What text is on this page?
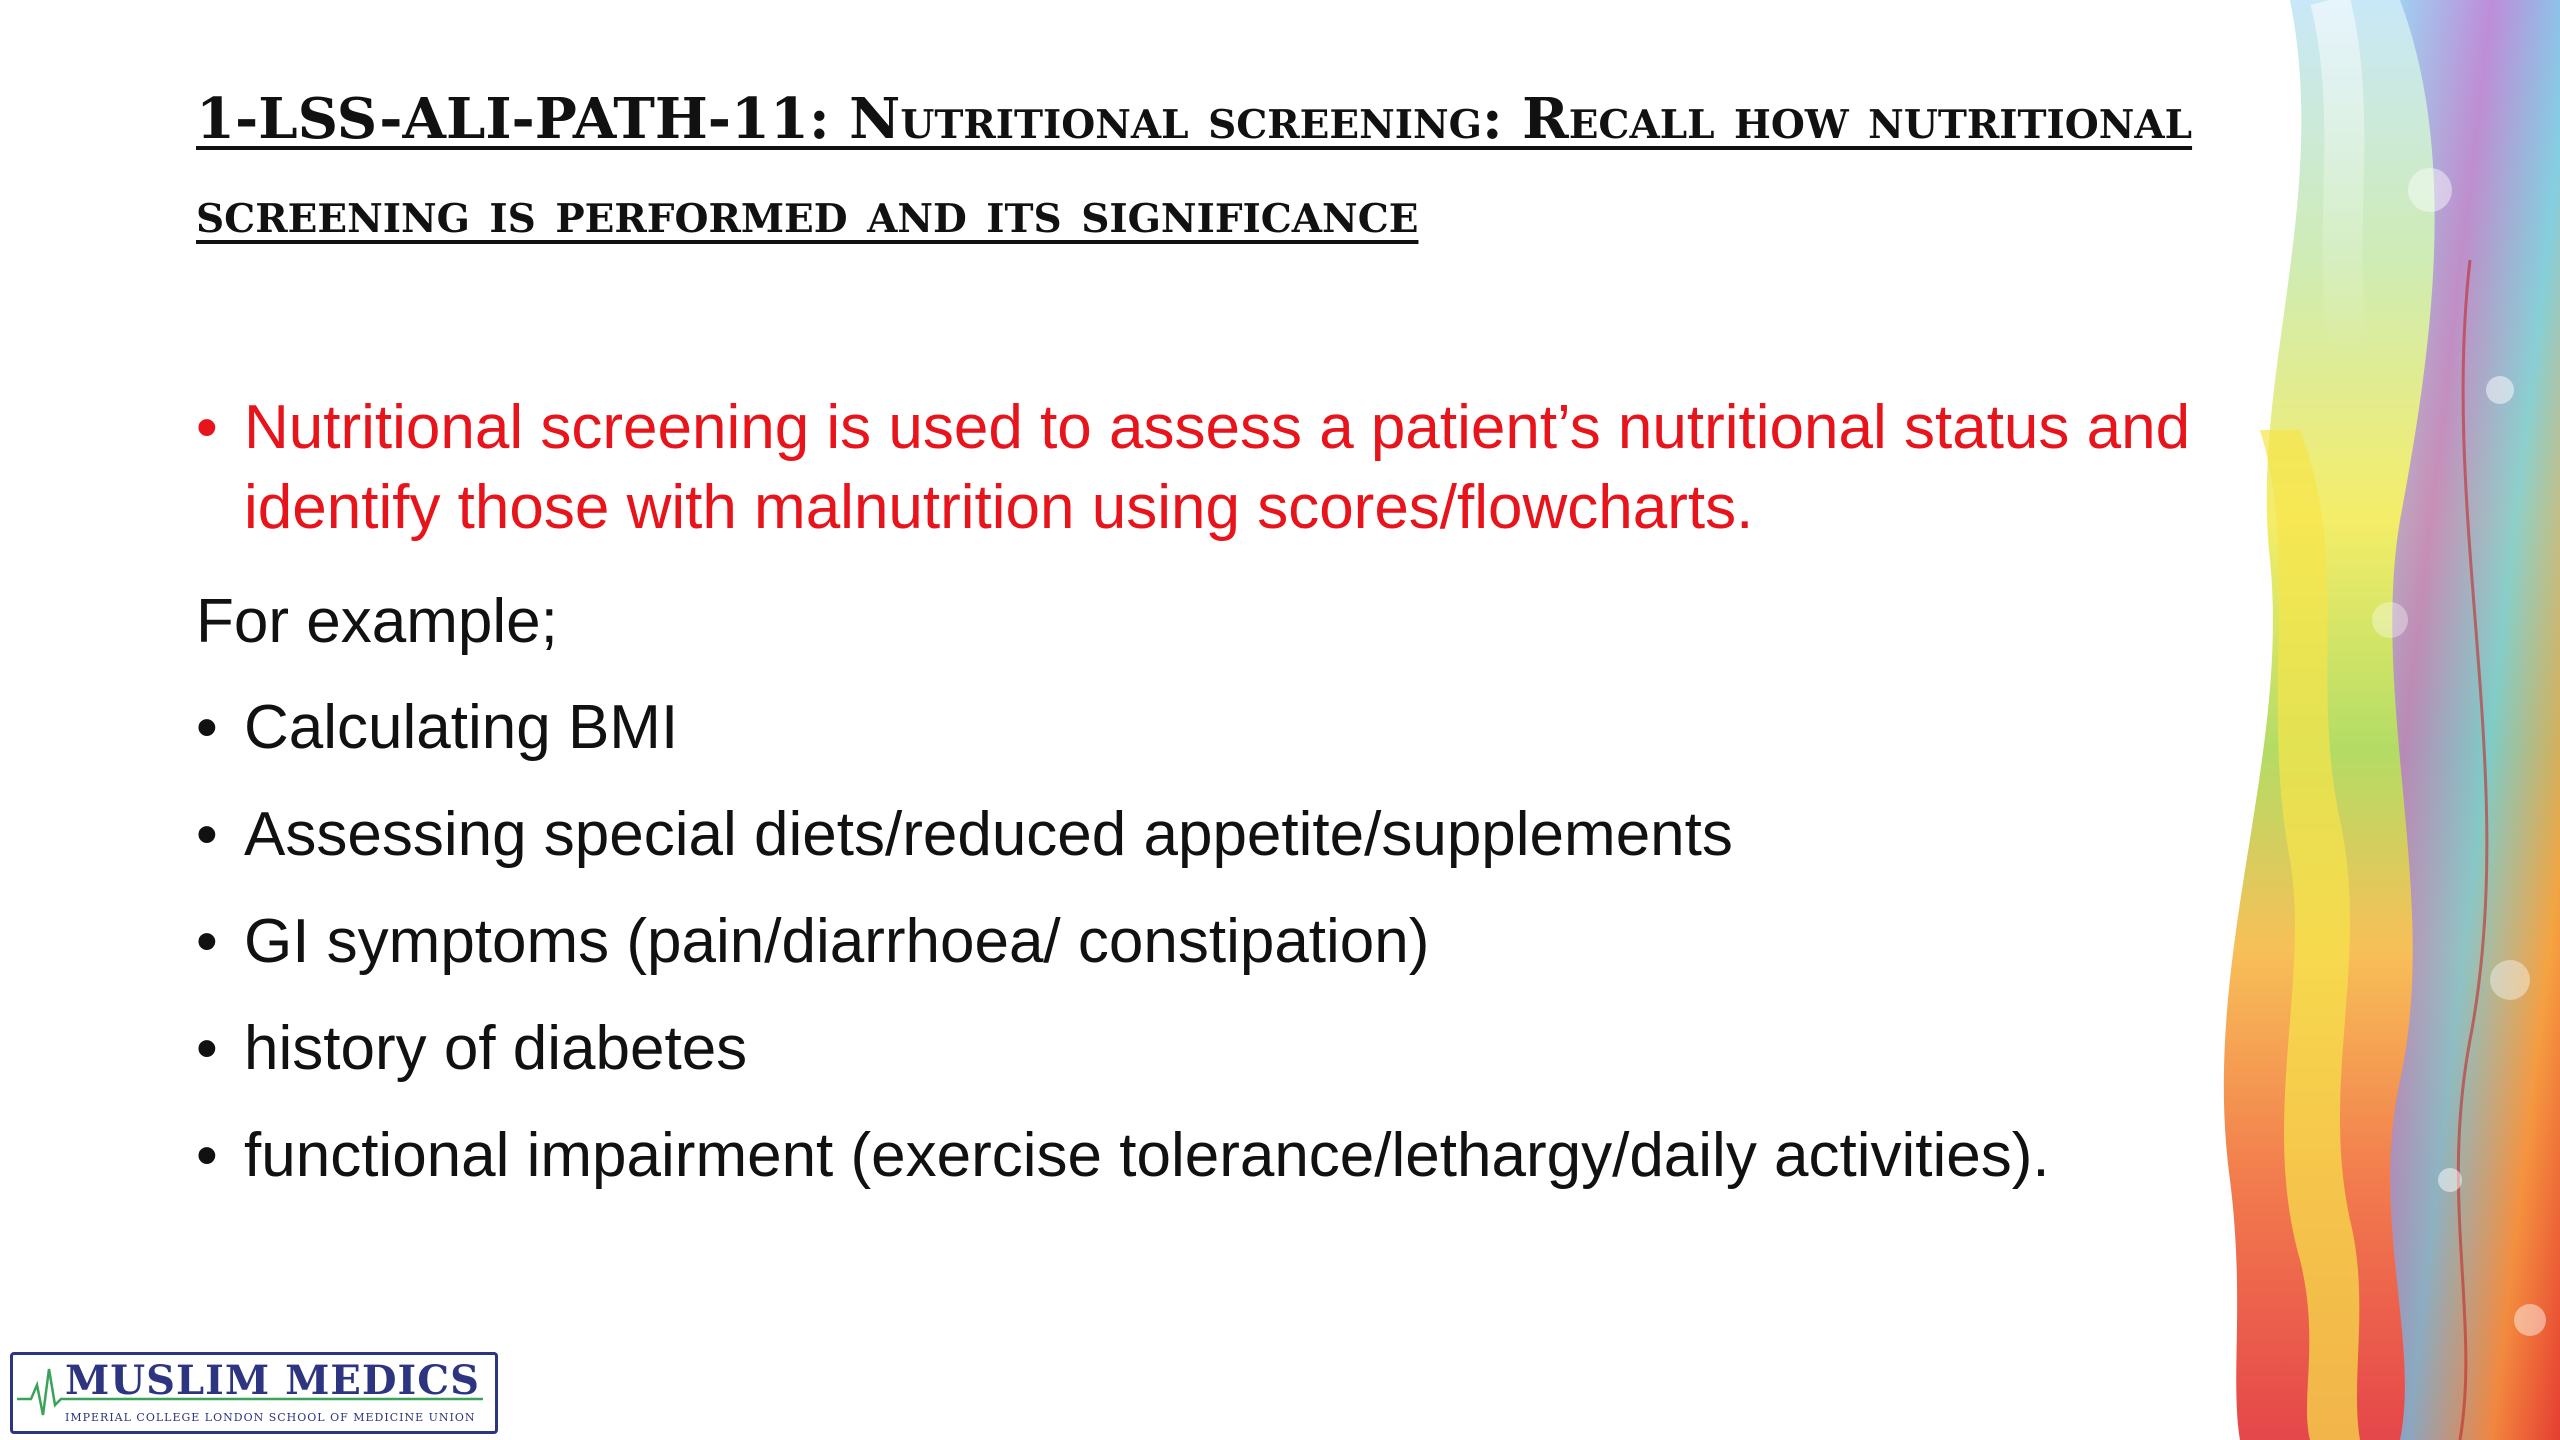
1-LSS-ALI-PATH-11: Nutritional screening: Recall how nutritional screening is performed and its significance
• Nutritional screening is used to assess a patient’s nutritional status and identify those with malnutrition using scores/flowcharts.
For example;
• Calculating BMI
• Assessing special diets/reduced appetite/supplements
• GI symptoms (pain/diarrhoea/ constipation)
• history of diabetes
• functional impairment (exercise tolerance/lethargy/daily activities).
MUSLIM MEDICS
IMPERIAL COLLEGE LONDON SCHOOL OF MEDICINE UNION
